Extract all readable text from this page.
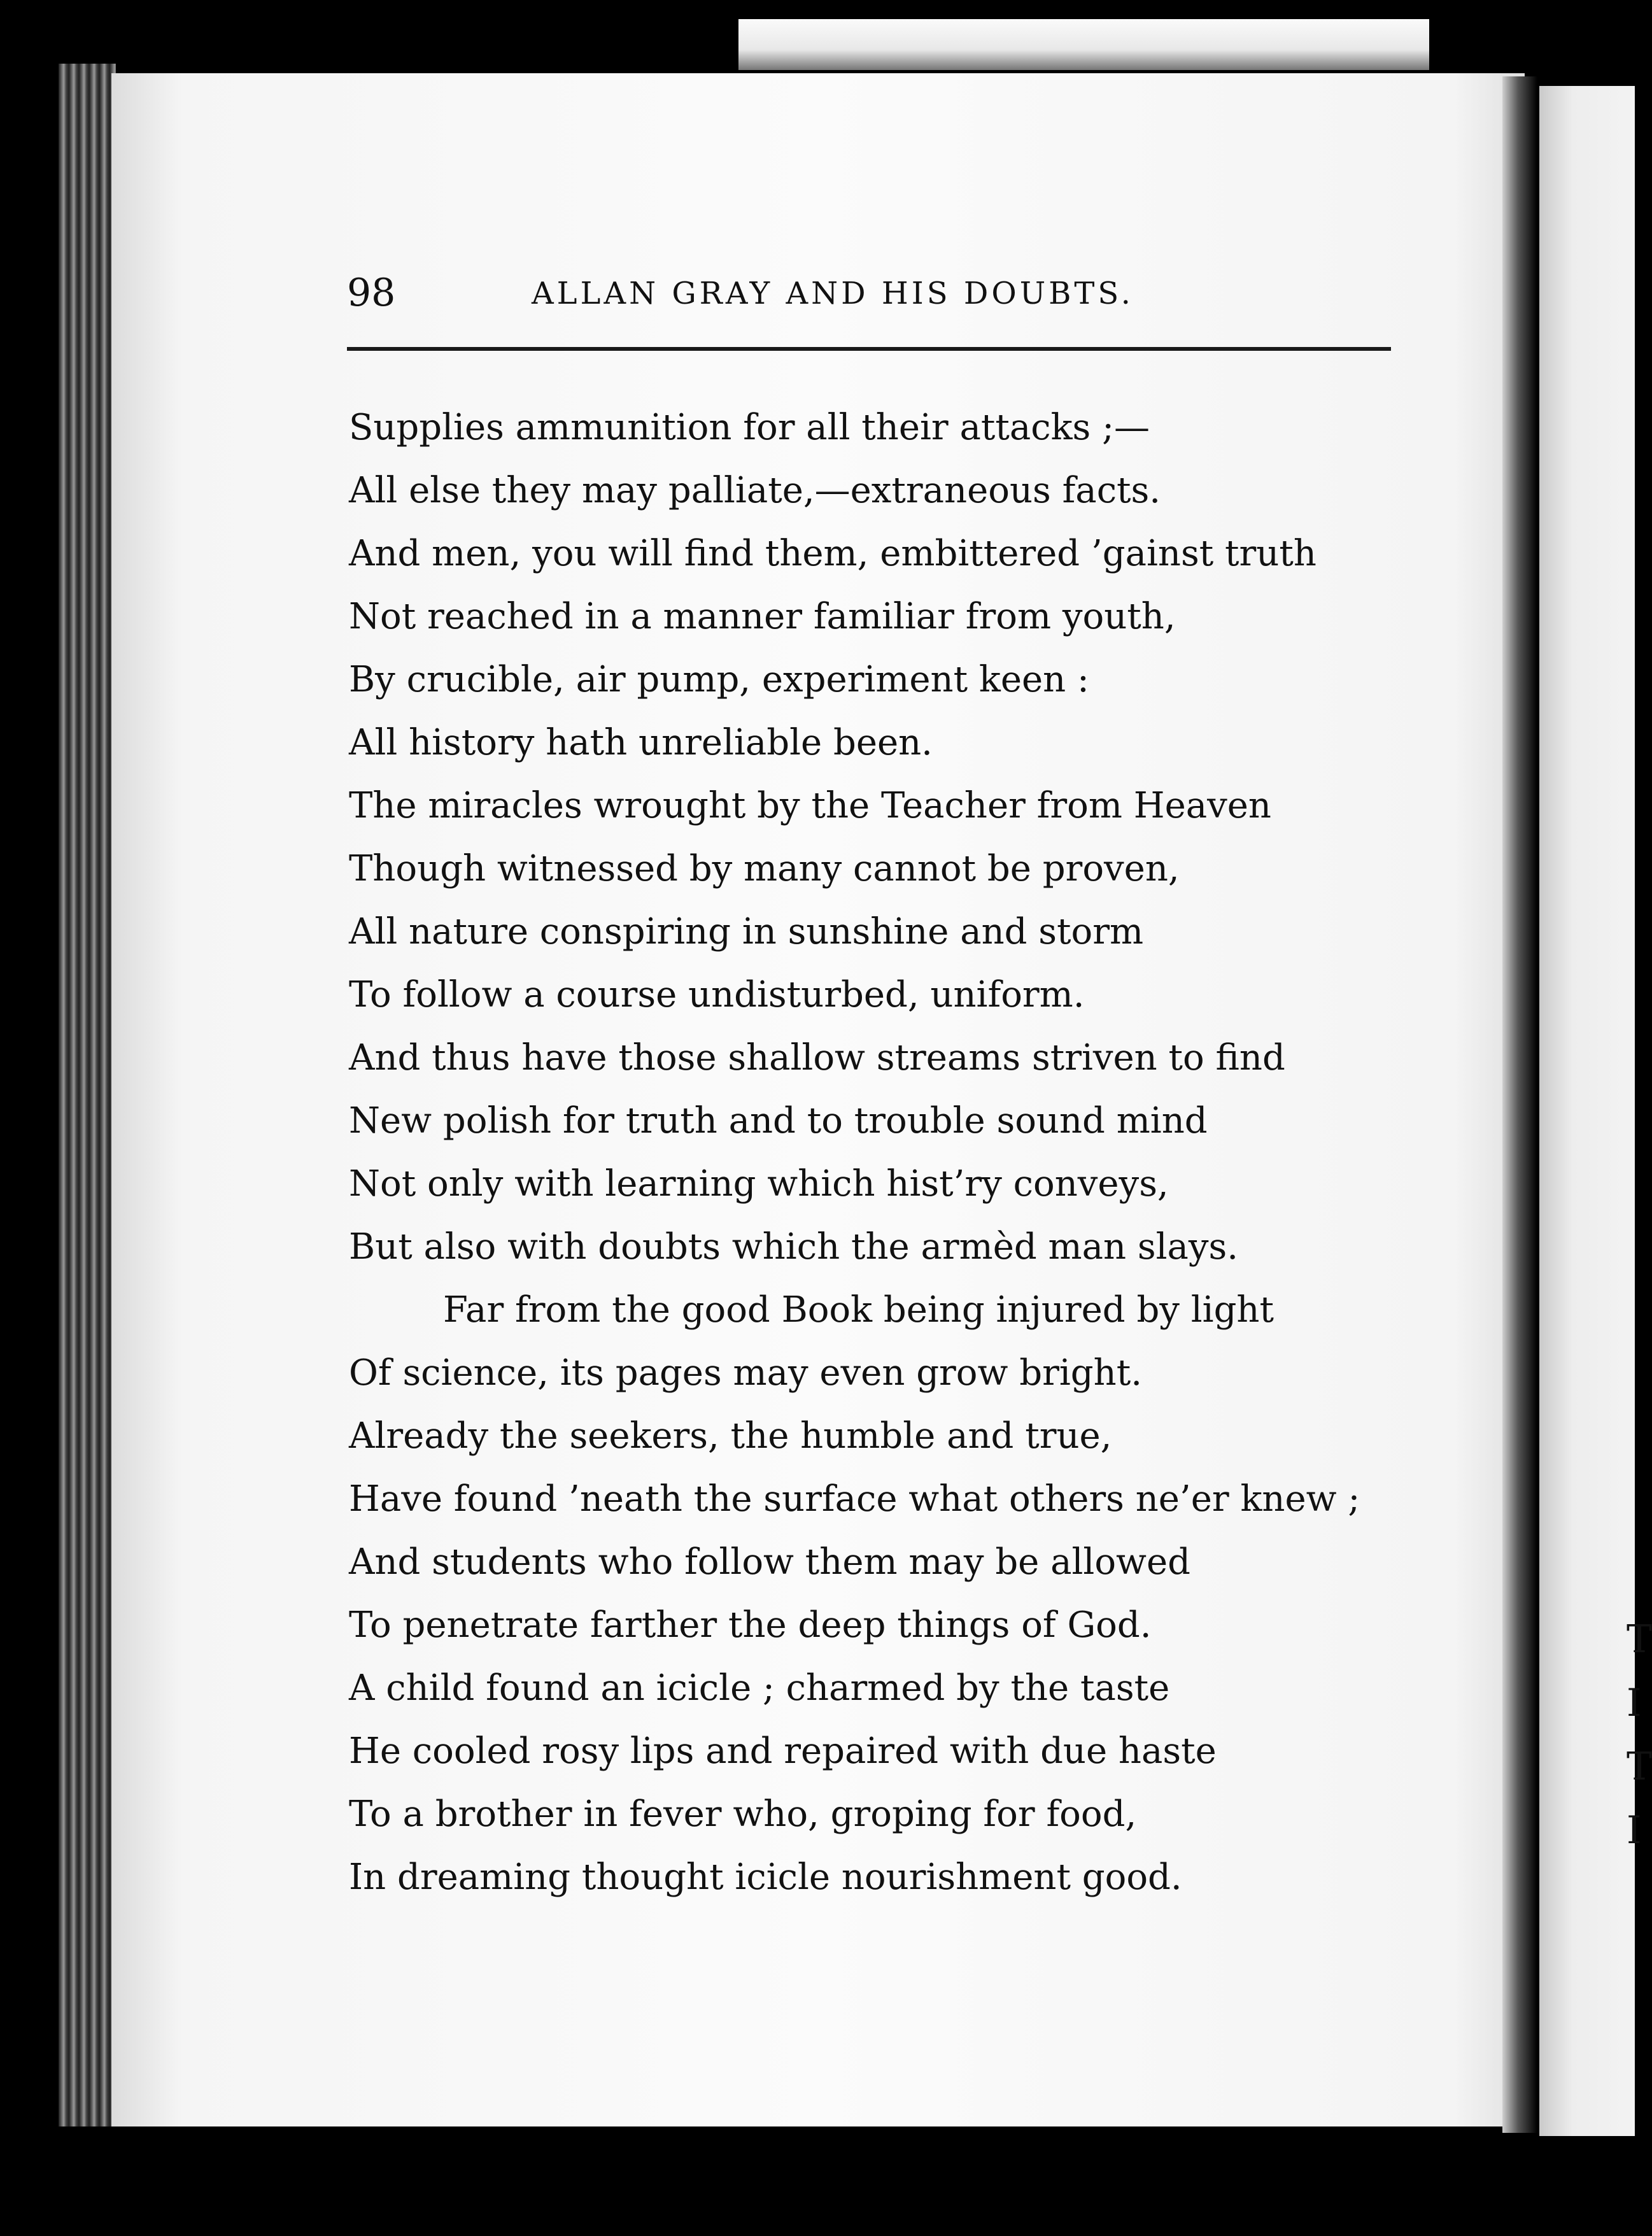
T
I
T
I
98	ALLAN GRAY AND HIS DOUBTS.
Supplies ammunition for all their attacks ;—
All else they may palliate,—extraneous facts.
And men, you will find them, embittered ’gainst truth
Not reached in a manner familiar from youth,
By crucible, air pump, experiment keen :
All history hath unreliable been.
The miracles wrought by the Teacher from Heaven
Though witnessed by many cannot be proven,
All nature conspiring in sunshine and storm
To follow a course undisturbed, uniform.
And thus have those shallow streams striven to find
New polish for truth and to trouble sound mind
Not only with learning which hist’ry conveys,
But also with doubts which the armèd man slays.
Far from the good Book being injured by light
Of science, its pages may even grow bright.
Already the seekers, the humble and true,
Have found ’neath the surface what others ne’er knew ;
And students who follow them may be allowed
To penetrate farther the deep things of God.
A child found an icicle ; charmed by the taste
He cooled rosy lips and repaired with due haste
To a brother in fever who, groping for food,
In dreaming thought icicle nourishment good.
